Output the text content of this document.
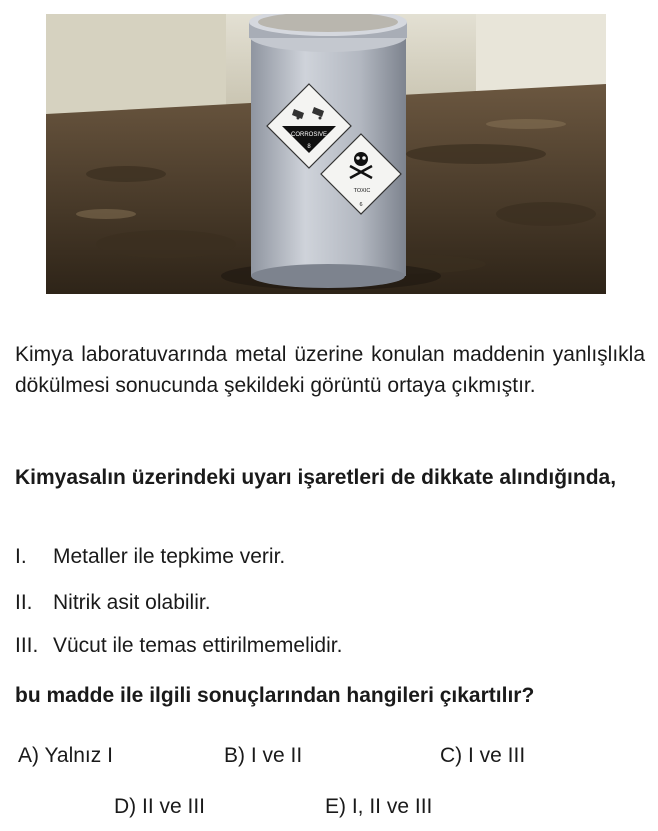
CORROSIVE
8
TOXIC
6
Kimya laboratuvarında metal üzerine konulan maddenin yanlışlıkla dökülmesi sonucunda şekildeki görüntü ortaya çıkmıştır.
Kimyasalın üzerindeki uyarı işaretleri de dikkate alındığında,
I. Metaller ile tepkime verir.
II. Nitrik asit olabilir.
III. Vücut ile temas ettirilmemelidir.
bu madde ile ilgili sonuçlarından hangileri çıkartılır?
A) Yalnız I	B) I ve II	C) I ve III
D) II ve III	E) I, II ve III
